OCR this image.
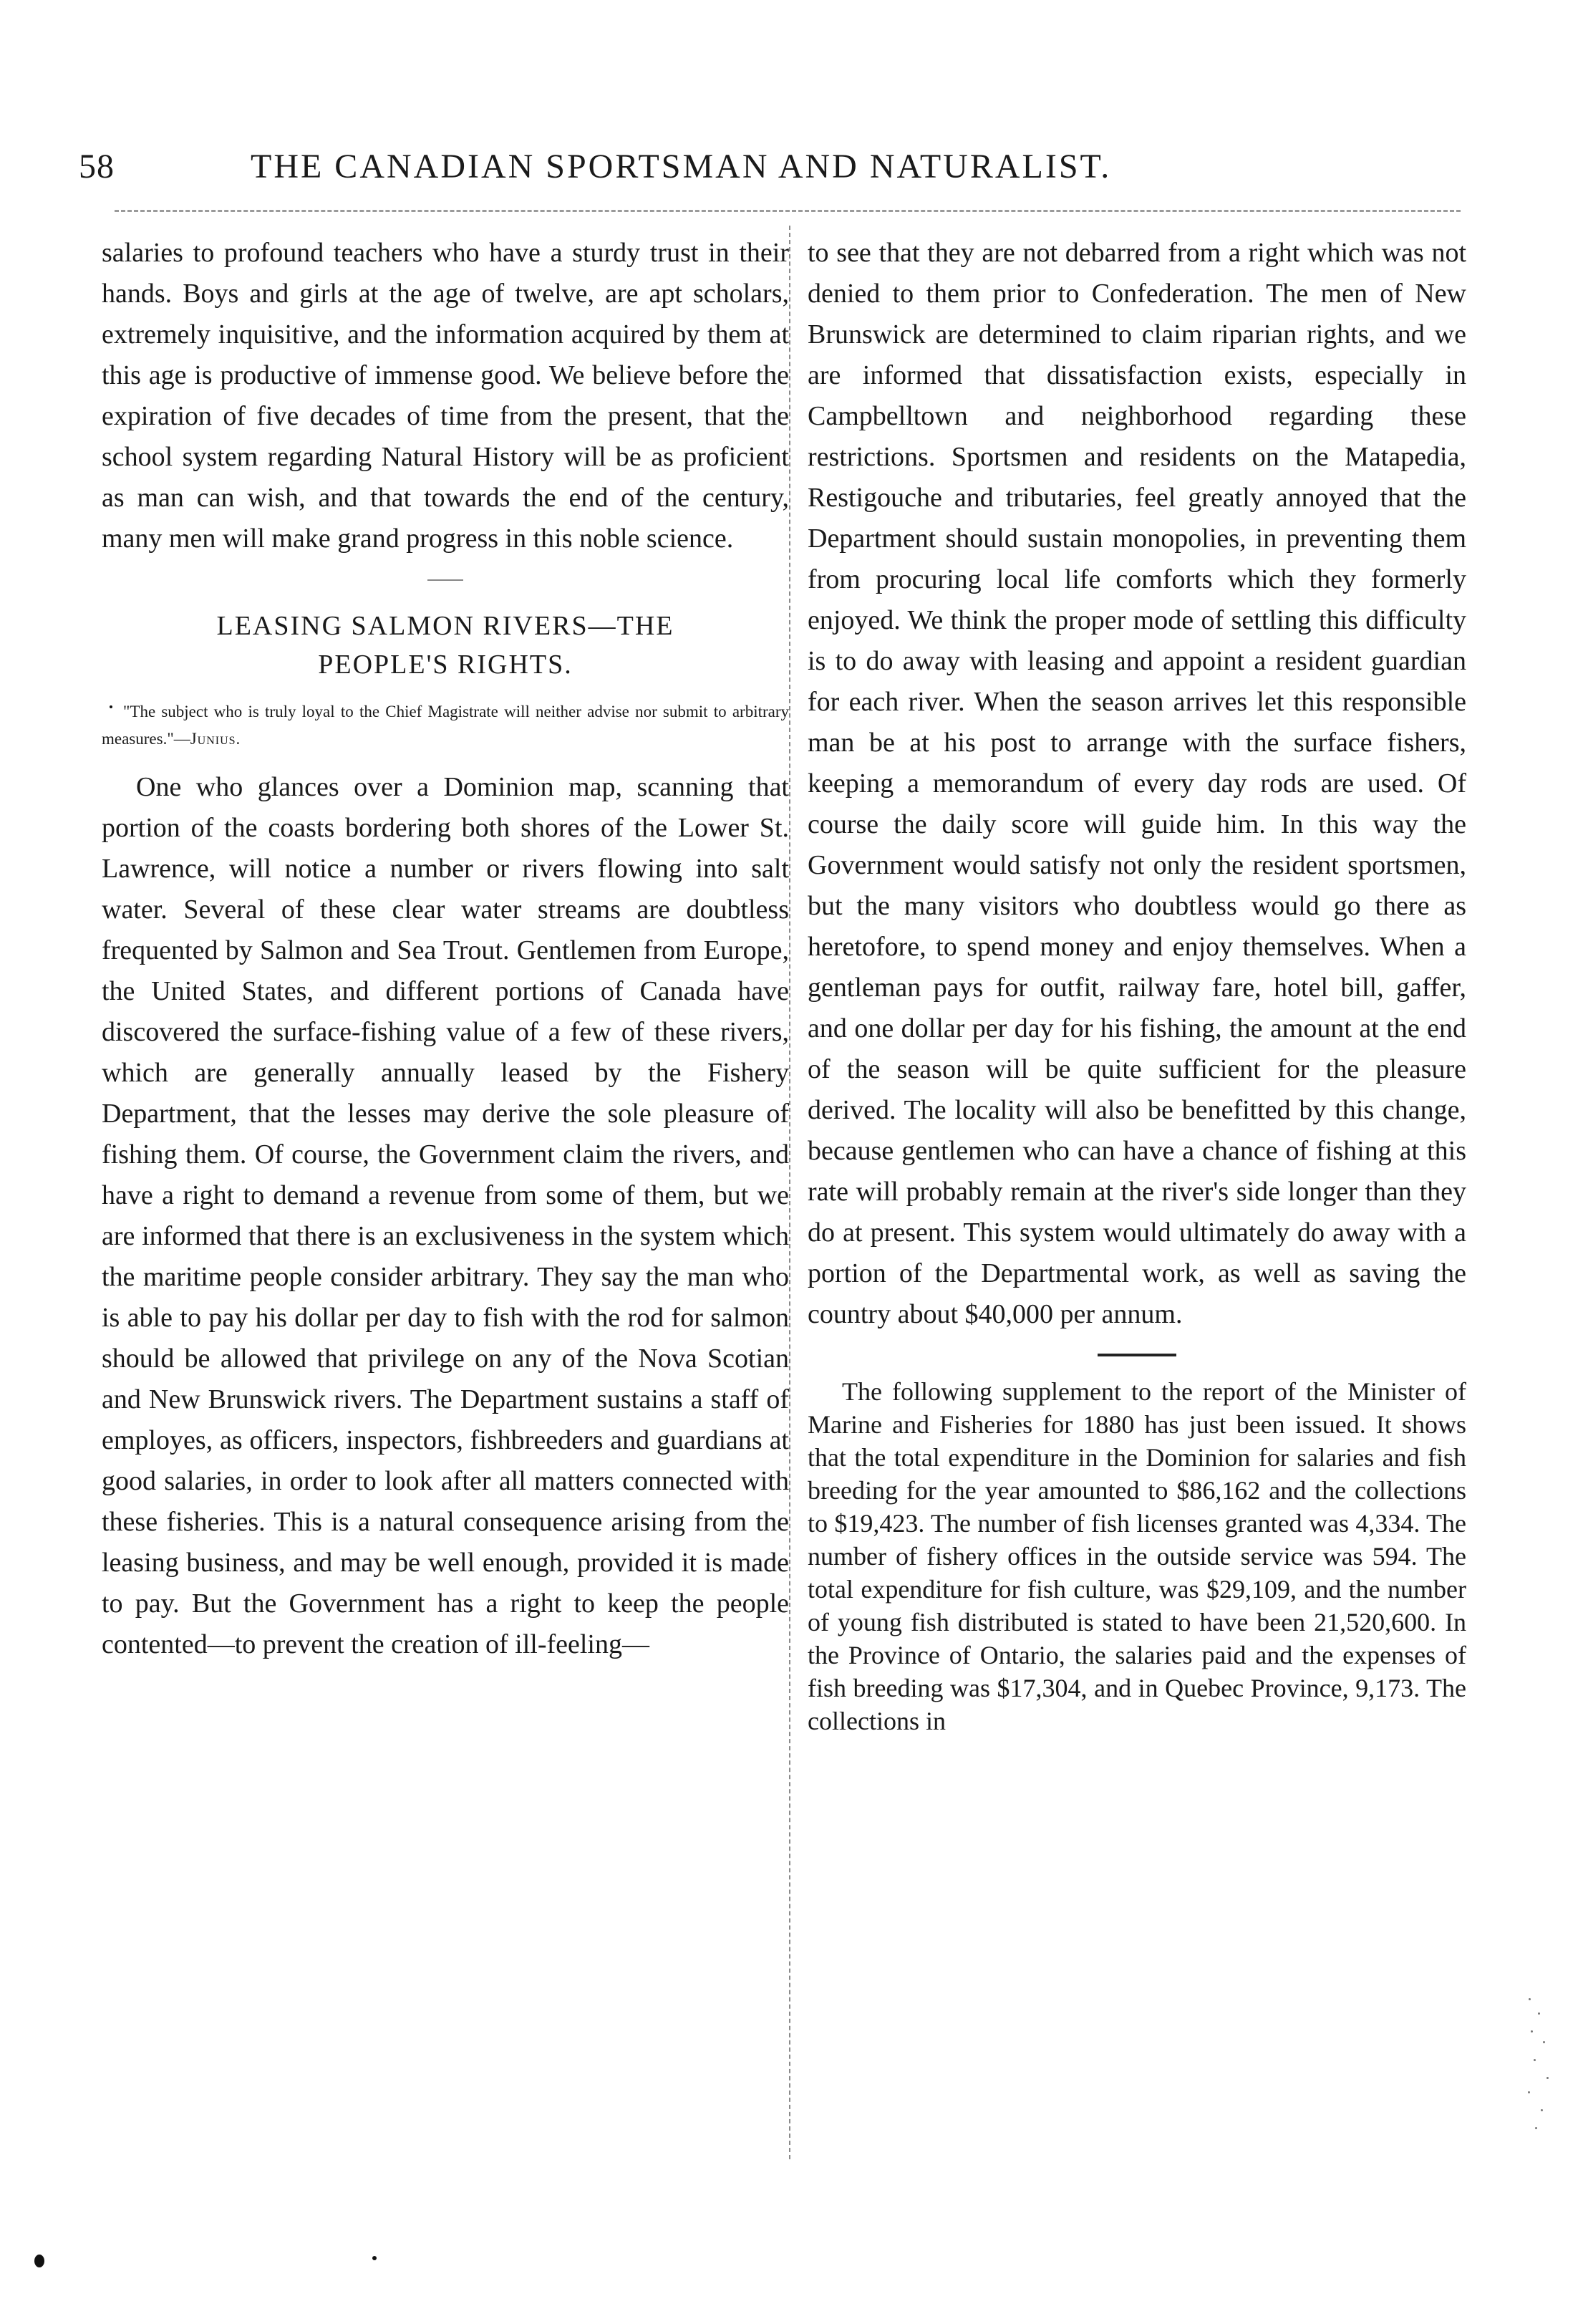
58	THE CANADIAN SPORTSMAN AND NATURALIST.

salaries to profound teachers who have a sturdy trust in their hands. Boys and girls at the age of twelve, are apt scholars, extremely inquisitive, and the information acquired by them at this age is productive of immense good. We believe before the expiration of five decades of time from the present, that the school system regarding Natural History will be as proficient as man can wish, and that towards the end of the century, many men will make grand progress in this noble science.

LEASING SALMON RIVERS—THE
PEOPLE'S RIGHTS.

"The subject who is truly loyal to the Chief Magistrate will neither advise nor submit to arbitrary measures."—Junius.

One who glances over a Dominion map, scanning that portion of the coasts bordering both shores of the Lower St. Lawrence, will notice a number or rivers flowing into salt water. Several of these clear water streams are doubtless frequented by Salmon and Sea Trout. Gentlemen from Europe, the United States, and different portions of Canada have discovered the surface-fishing value of a few of these rivers, which are generally annually leased by the Fishery Department, that the lesses may derive the sole pleasure of fishing them. Of course, the Government claim the rivers, and have a right to demand a revenue from some of them, but we are informed that there is an exclusiveness in the system which the maritime people consider arbitrary. They say the man who is able to pay his dollar per day to fish with the rod for salmon should be allowed that privilege on any of the Nova Scotian and New Brunswick rivers. The Department sustains a staff of employes, as officers, inspectors, fishbreeders and guardians at good salaries, in order to look after all matters connected with these fisheries. This is a natural consequence arising from the leasing business, and may be well enough, provided it is made to pay. But the Government has a right to keep the people contented—to prevent the creation of ill-feeling—

to see that they are not debarred from a right which was not denied to them prior to Confederation. The men of New Brunswick are determined to claim riparian rights, and we are informed that dissatisfaction exists, especially in Campbelltown and neighborhood regarding these restrictions. Sportsmen and residents on the Matapedia, Restigouche and tributaries, feel greatly annoyed that the Department should sustain monopolies, in preventing them from procuring local life comforts which they formerly enjoyed. We think the proper mode of settling this difficulty is to do away with leasing and appoint a resident guardian for each river. When the season arrives let this responsible man be at his post to arrange with the surface fishers, keeping a memorandum of every day rods are used. Of course the daily score will guide him. In this way the Government would satisfy not only the resident sportsmen, but the many visitors who doubtless would go there as heretofore, to spend money and enjoy themselves. When a gentleman pays for outfit, railway fare, hotel bill, gaffer, and one dollar per day for his fishing, the amount at the end of the season will be quite sufficient for the pleasure derived. The locality will also be benefitted by this change, because gentlemen who can have a chance of fishing at this rate will probably remain at the river's side longer than they do at present. This system would ultimately do away with a portion of the Departmental work, as well as saving the country about $40,000 per annum.

The following supplement to the report of the Minister of Marine and Fisheries for 1880 has just been issued. It shows that the total expenditure in the Dominion for salaries and fish breeding for the year amounted to $86,162 and the collections to $19,423. The number of fish licenses granted was 4,334. The number of fishery offices in the outside service was 594. The total expenditure for fish culture, was $29,109, and the number of young fish distributed is stated to have been 21,520,600. In the Province of Ontario, the salaries paid and the expenses of fish breeding was $17,304, and in Quebec Province, 9,173. The collections in
